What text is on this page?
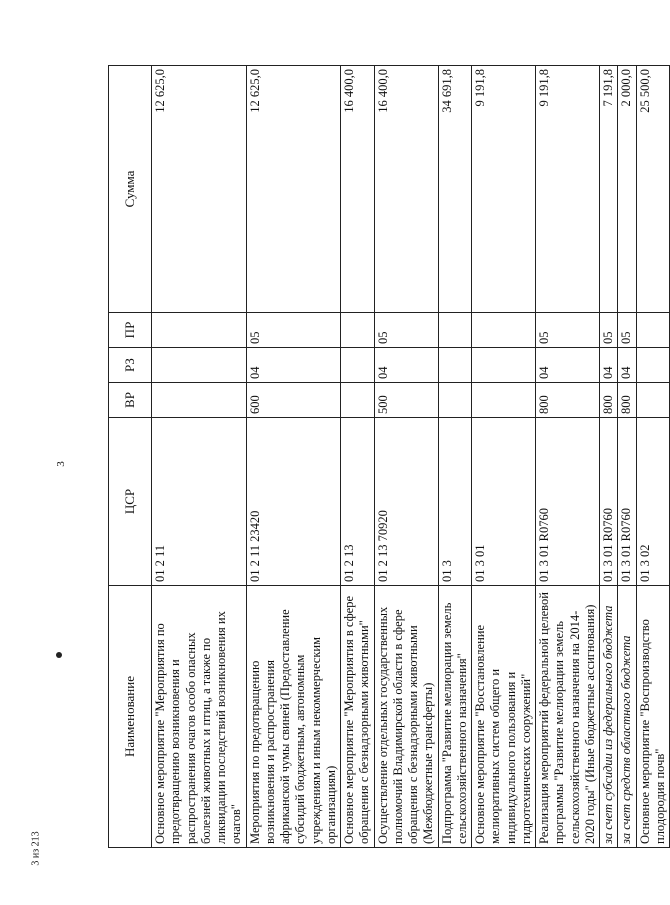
3
3 из 213
Наименование	ЦСР	ВР	РЗ	ПР	Сумма
Основное мероприятие "Мероприятия по предотвращению возникновения и распространения очагов особо опасных болезней животных и птиц, а также по ликвидации последствий возникновения их очагов"	01 2 11				12 625,0
Мероприятия по предотвращению возникновения и распространения африканской чумы свиней (Предоставление субсидий бюджетным, автономным учреждениям и иным некоммерческим организациям)	01 2 11 23420	600	04	05	12 625,0
Основное мероприятие "Мероприятия в сфере обращения с безнадзорными животными"	01 2 13				16 400,0
Осуществление отдельных государственных полномочий Владимирской области в сфере обращения с безнадзорными животными (Межбюджетные трансферты)	01 2 13 70920	500	04	05	16 400,0
Подпрограмма "Развитие мелиорации земель сельскохозяйственного назначения"	01 3				34 691,8
Основное мероприятие "Восстановление мелиоративных систем общего и индивидуального пользования и гидротехнических сооружений"	01 3 01				9 191,8
Реализация мероприятий федеральной целевой программы "Развитие мелиорации земель сельскохозяйственного назначения на 2014-2020 годы" (Иные бюджетные ассигнования)	01 3 01 R0760	800	04	05	9 191,8
за счет субсидии из федерального бюджета	01 3 01 R0760	800	04	05	7 191,8
за счет средств областного бюджета	01 3 01 R0760	800	04	05	2 000,0
Основное мероприятие "Воспроизводство плодородия почв"	01 3 02				25 500,0
